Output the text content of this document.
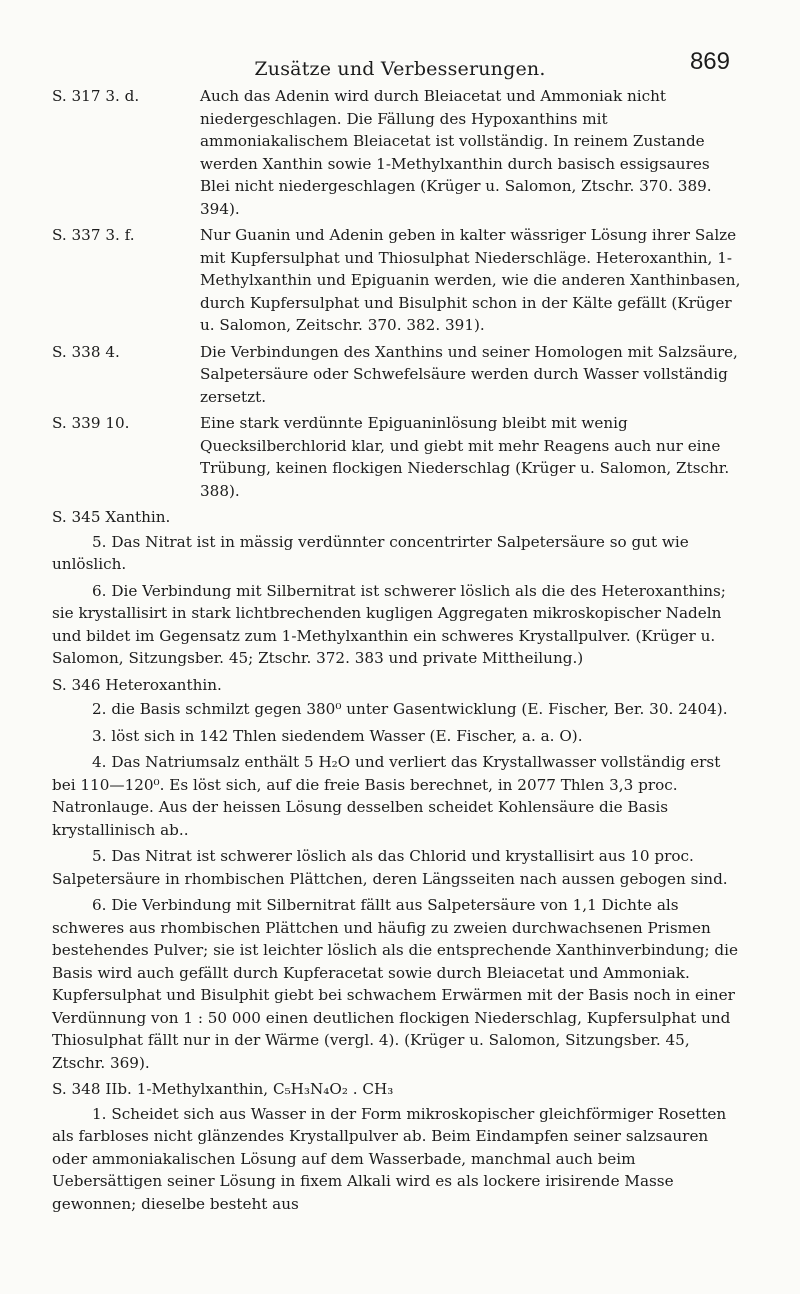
Zusätze und Verbesserungen.	869
S. 317 3. d.	Auch das Adenin wird durch Bleiacetat und Ammoniak nicht niedergeschlagen. Die Fällung des Hypoxanthins mit ammoniakalischem Bleiacetat ist vollständig. In reinem Zustande werden Xanthin sowie 1-Methylxanthin durch basisch essigsaures Blei nicht niedergeschlagen (Krüger u. Salomon, Ztschr. 370. 389. 394).

S. 337 3. f.	Nur Guanin und Adenin geben in kalter wässriger Lösung ihrer Salze mit Kupfersulphat und Thiosulphat Niederschläge. Heteroxanthin, 1-Methylxanthin und Epiguanin werden, wie die anderen Xanthinbasen, durch Kupfersulphat und Bisulphit schon in der Kälte gefällt (Krüger u. Salomon, Zeitschr. 370. 382. 391).

S. 338 4.	Die Verbindungen des Xanthins und seiner Homologen mit Salzsäure, Salpetersäure oder Schwefelsäure werden durch Wasser vollständig zersetzt.

S. 339 10.	Eine stark verdünnte Epiguaninlösung bleibt mit wenig Quecksilberchlorid klar, und giebt mit mehr Reagens auch nur eine Trübung, keinen flockigen Niederschlag (Krüger u. Salomon, Ztschr. 388).

S. 345 Xanthin.

5. Das Nitrat ist in mässig verdünnter concentrirter Salpetersäure so gut wie unlöslich.

6. Die Verbindung mit Silbernitrat ist schwerer löslich als die des Heteroxanthins; sie krystallisirt in stark lichtbrechenden kugligen Aggregaten mikroskopischer Nadeln und bildet im Gegensatz zum 1-Methylxanthin ein schweres Krystallpulver. (Krüger u. Salomon, Sitzungsber. 45; Ztschr. 372. 383 und private Mittheilung.)

S. 346 Heteroxanthin.

2. die Basis schmilzt gegen 380⁰ unter Gasentwicklung (E. Fischer, Ber. 30. 2404).

3. löst sich in 142 Thlen siedendem Wasser (E. Fischer, a. a. O).

4. Das Natriumsalz enthält 5 H₂O und verliert das Krystallwasser vollständig erst bei 110—120⁰. Es löst sich, auf die freie Basis berechnet, in 2077 Thlen 3,3 proc. Natronlauge. Aus der heissen Lösung desselben scheidet Kohlensäure die Basis krystallinisch ab..

5. Das Nitrat ist schwerer löslich als das Chlorid und krystallisirt aus 10 proc. Salpetersäure in rhombischen Plättchen, deren Längsseiten nach aussen gebogen sind.

6. Die Verbindung mit Silbernitrat fällt aus Salpetersäure von 1,1 Dichte als schweres aus rhombischen Plättchen und häufig zu zweien durchwachsenen Prismen bestehendes Pulver; sie ist leichter löslich als die entsprechende Xanthinverbindung; die Basis wird auch gefällt durch Kupferacetat sowie durch Bleiacetat und Ammoniak. Kupfersulphat und Bisulphit giebt bei schwachem Erwärmen mit der Basis noch in einer Verdünnung von 1 : 50 000 einen deutlichen flockigen Niederschlag, Kupfersulphat und Thiosulphat fällt nur in der Wärme (vergl. 4). (Krüger u. Salomon, Sitzungsber. 45, Ztschr. 369).

S. 348 IIb. 1-Methylxanthin, C₅H₃N₄O₂ . CH₃

1. Scheidet sich aus Wasser in der Form mikroskopischer gleichförmiger Rosetten als farbloses nicht glänzendes Krystallpulver ab. Beim Eindampfen seiner salzsauren oder ammoniakalischen Lösung auf dem Wasserbade, manchmal auch beim Uebersättigen seiner Lösung in fixem Alkali wird es als lockere irisirende Masse gewonnen; dieselbe besteht aus
